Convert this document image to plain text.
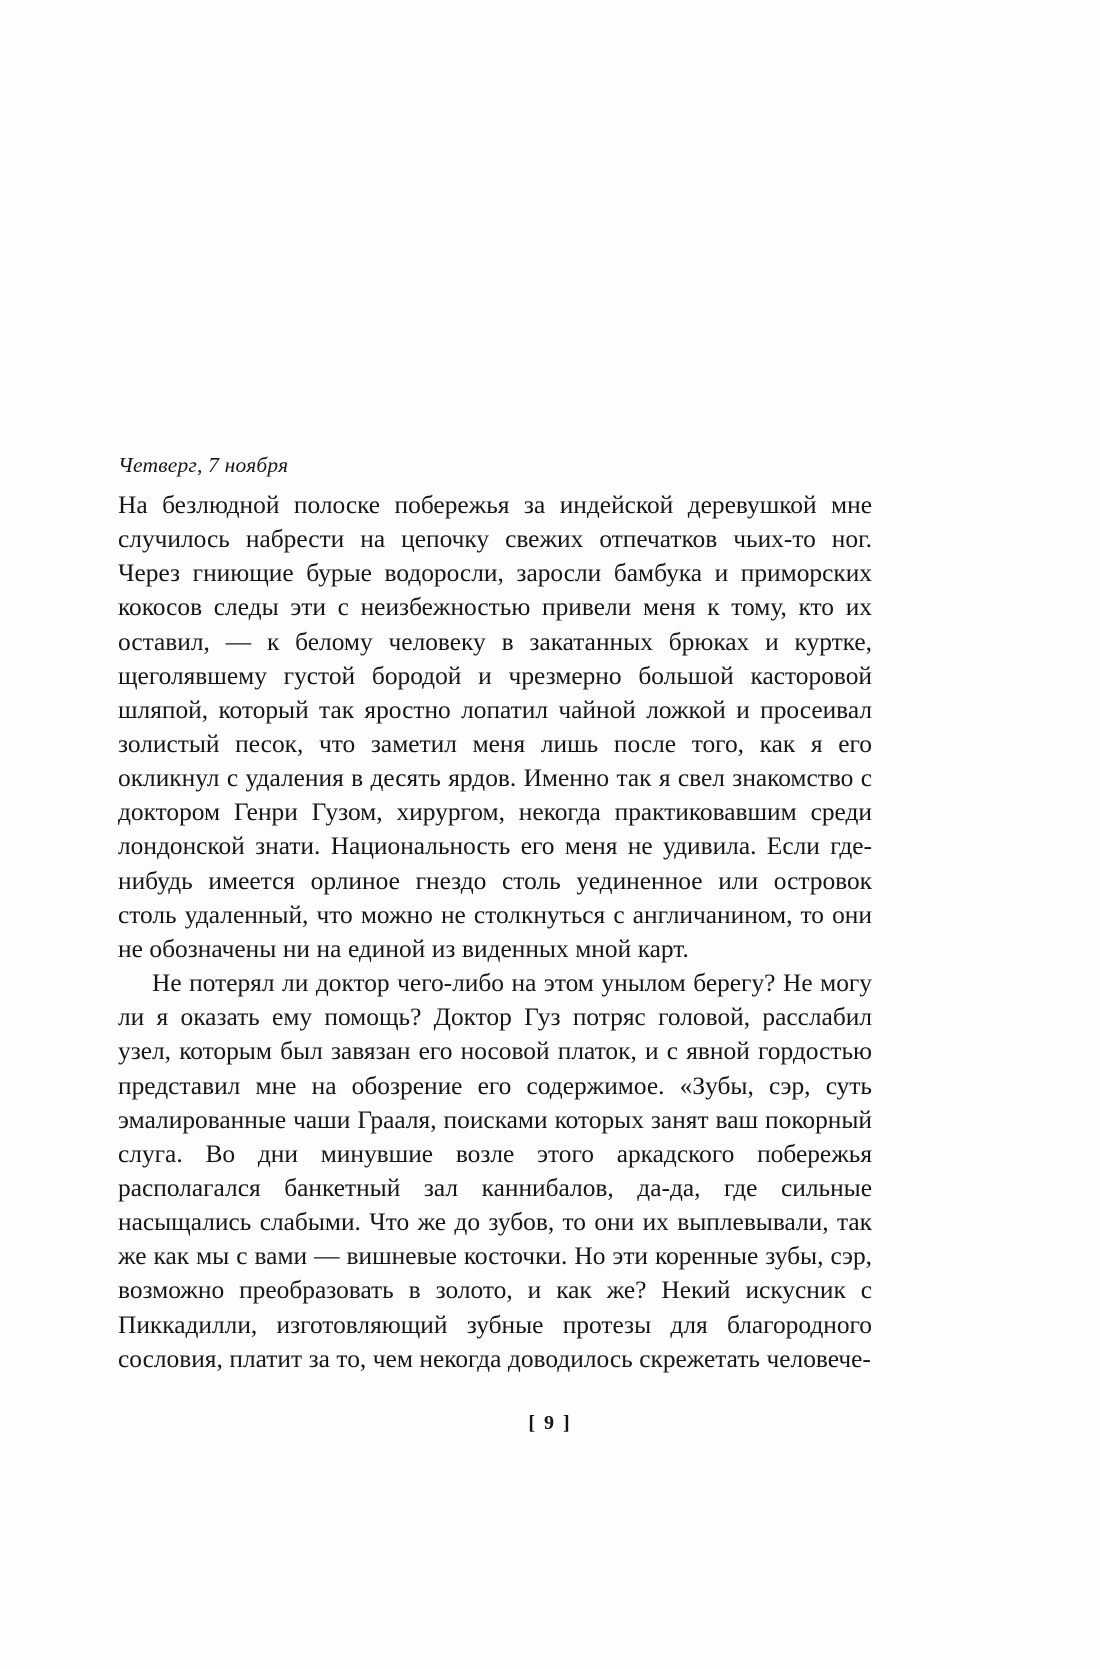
Четверг, 7 ноября

На безлюдной полоске побережья за индейской деревушкой мне случилось набрести на цепочку свежих отпечатков чьих-то ног. Через гниющие бурые водоросли, заросли бамбука и приморских кокосов следы эти с неизбежностью привели меня к тому, кто их оставил, — к белому человеку в закатанных брюках и куртке, щеголявшему густой бородой и чрезмерно большой касторовой шляпой, который так яростно лопатил чайной ложкой и просеивал золистый песок, что заметил меня лишь после того, как я его окликнул с удаления в десять ярдов. Именно так я свел знакомство с доктором Генри Гузом, хирургом, некогда практиковавшим среди лондонской знати. Национальность его меня не удивила. Если где-нибудь имеется орлиное гнездо столь уединенное или островок столь удаленный, что можно не столкнуться с англичанином, то они не обозначены ни на единой из виденных мной карт.

Не потерял ли доктор чего-либо на этом унылом берегу? Не могу ли я оказать ему помощь? Доктор Гуз потряс головой, расслабил узел, которым был завязан его носовой платок, и с явной гордостью представил мне на обозрение его содержимое. «Зубы, сэр, суть эмалированные чаши Грааля, поисками которых занят ваш покорный слуга. Во дни минувшие возле этого аркадского побережья располагался банкетный зал каннибалов, да-да, где сильные насыщались слабыми. Что же до зубов, то они их выплевывали, так же как мы с вами — вишневые косточки. Но эти коренные зубы, сэр, возможно преобразовать в золото, и как же? Некий искусник с Пиккадилли, изготовляющий зубные протезы для благородного сословия, платит за то, чем некогда доводилось скрежетать человече-

[ 9 ]
